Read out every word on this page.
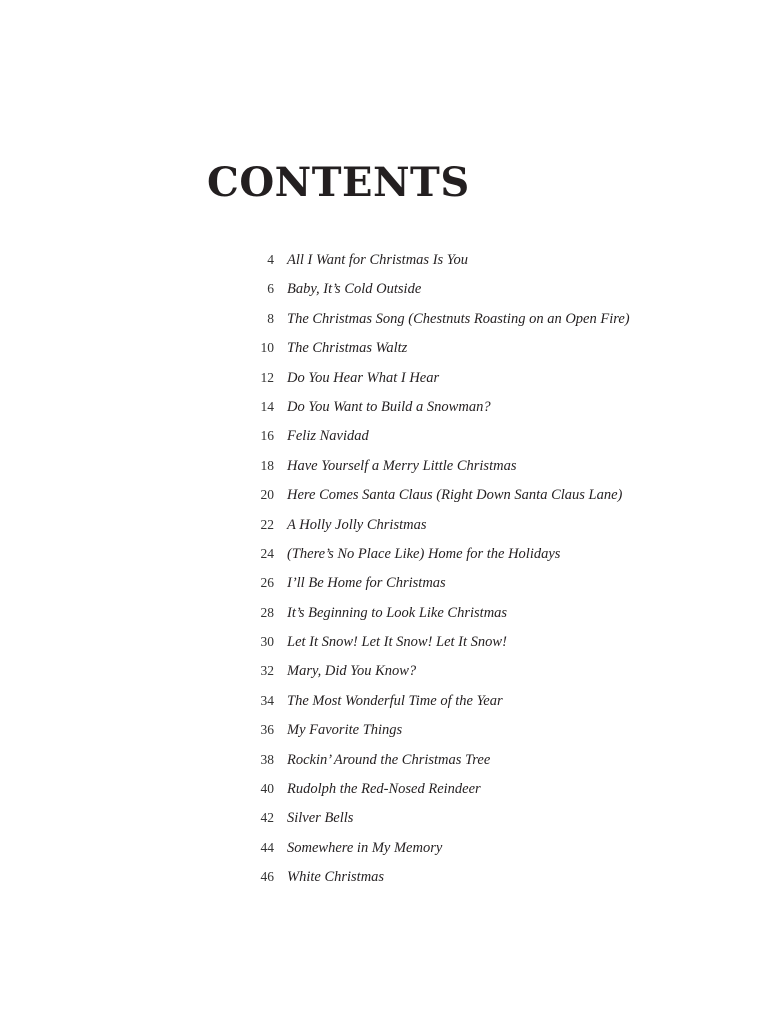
CONTENTS
4 All I Want for Christmas Is You
6 Baby, It’s Cold Outside
8 The Christmas Song (Chestnuts Roasting on an Open Fire)
10 The Christmas Waltz
12 Do You Hear What I Hear
14 Do You Want to Build a Snowman?
16 Feliz Navidad
18 Have Yourself a Merry Little Christmas
20 Here Comes Santa Claus (Right Down Santa Claus Lane)
22 A Holly Jolly Christmas
24 (There’s No Place Like) Home for the Holidays
26 I’ll Be Home for Christmas
28 It’s Beginning to Look Like Christmas
30 Let It Snow! Let It Snow! Let It Snow!
32 Mary, Did You Know?
34 The Most Wonderful Time of the Year
36 My Favorite Things
38 Rockin’ Around the Christmas Tree
40 Rudolph the Red-Nosed Reindeer
42 Silver Bells
44 Somewhere in My Memory
46 White Christmas
